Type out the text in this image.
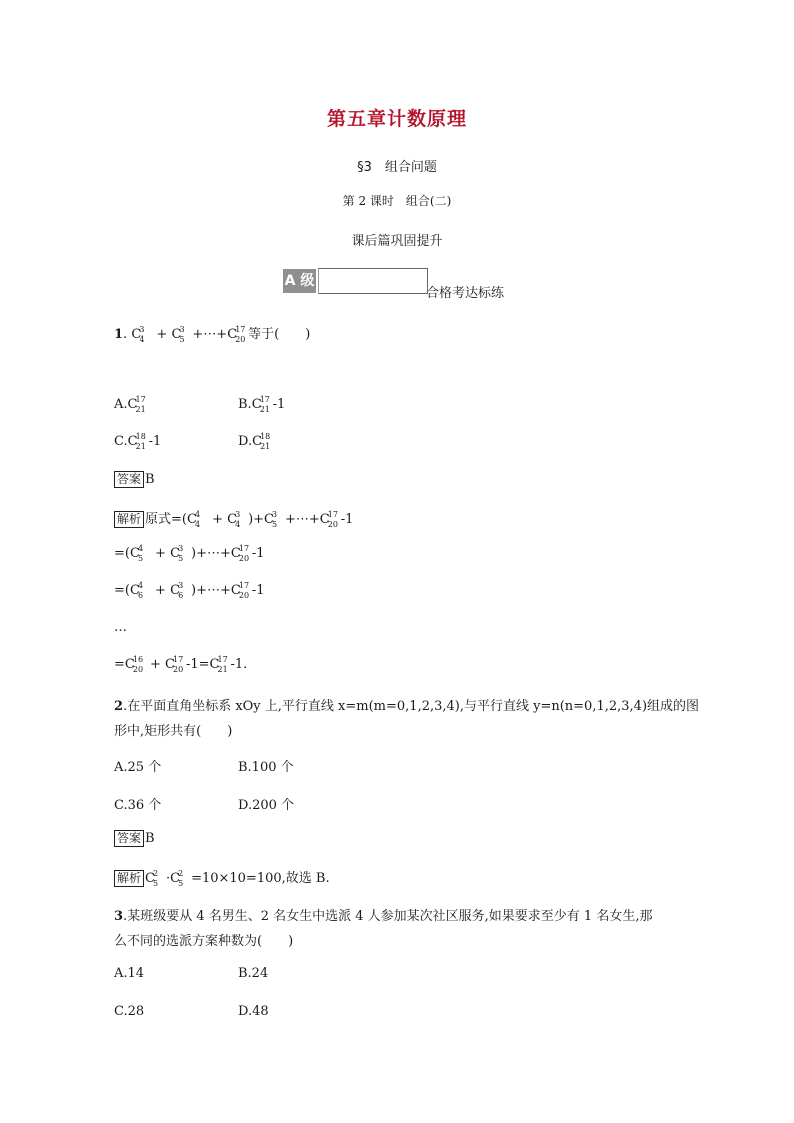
第五章计数原理
§3　组合问题
第 2 课时　组合(二)
课后篇巩固提升
A 级
合格考达标练
1. C
3
4 + C
3
5 +⋯+C
17
20 等于(　　)
A.C
17
21	B.C
17
21 -1
C.C
18
21 -1	D.C
18
21
答案 B
解析 原式=(C
4
4 + C
3
4 )+C
3
5 +⋯+C
17
20 -1
=(C
4
5 + C
3
5 )+⋯+C
17
20 -1
=(C
4
6 + C
3
6 )+⋯+C
17
20 -1
…
=C
16
20 + C
17
20 -1=C
17
21 -1.
2.在平面直角坐标系 xOy 上,平行直线 x=m(m=0,1,2,3,4),与平行直线 y=n(n=0,1,2,3,4)组成的图
形中,矩形共有(　　)
A.25 个	B.100 个
C.36 个	D.200 个
答案 B
解析 C
2
5 ·C
2
5 =10×10=100,故选 B.
3.某班级要从 4 名男生、2 名女生中选派 4 人参加某次社区服务,如果要求至少有 1 名女生,那
么不同的选派方案种数为(　　)
A.14	B.24
C.28	D.48
